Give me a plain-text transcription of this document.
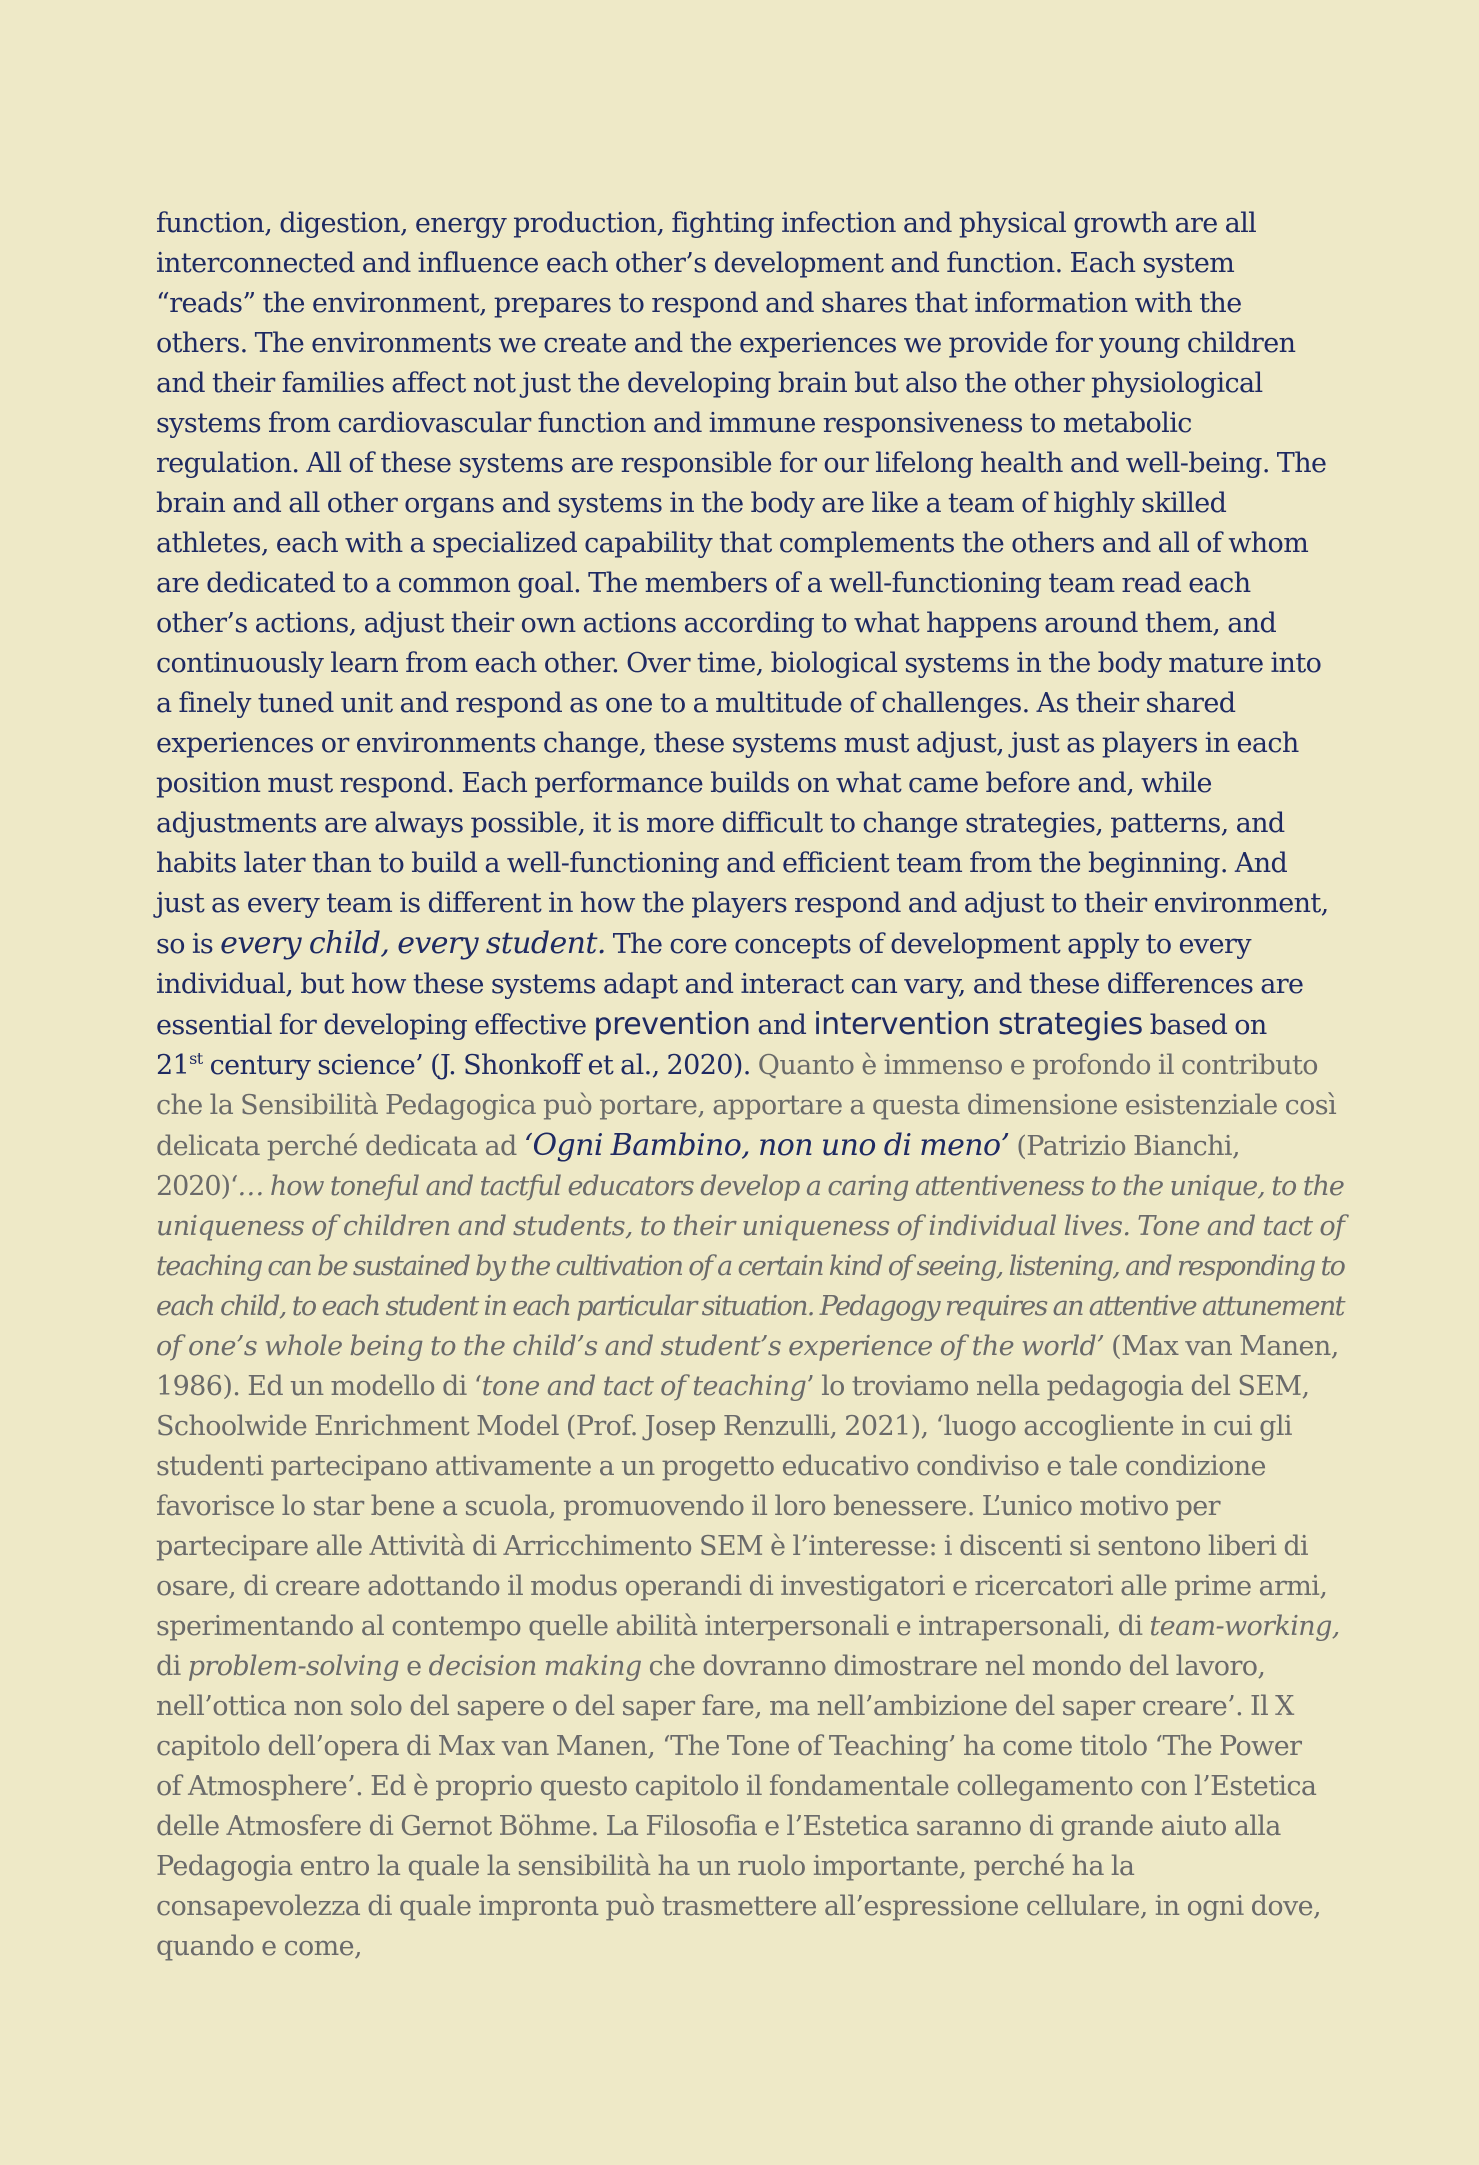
function, digestion, energy production, fighting infection and physical growth are all
interconnected and influence each other’s development and function. Each system
“reads” the environment, prepares to respond and shares that information with the
others. The environments we create and the experiences we provide for young children
and their families affect not just the developing brain but also the other physiological
systems from cardiovascular function and immune responsiveness to metabolic
regulation. All of these systems are responsible for our lifelong health and well-being. The
brain and all other organs and systems in the body are like a team of highly skilled
athletes, each with a specialized capability that complements the others and all of whom
are dedicated to a common goal. The members of a well-functioning team read each
other’s actions, adjust their own actions according to what happens around them, and
continuously learn from each other. Over time, biological systems in the body mature into
a finely tuned unit and respond as one to a multitude of challenges. As their shared
experiences or environments change, these systems must adjust, just as players in each
position must respond. Each performance builds on what came before and, while
adjustments are always possible, it is more difficult to change strategies, patterns, and
habits later than to build a well-functioning and efficient team from the beginning. And
just as every team is different in how the players respond and adjust to their environment,
so is every child, every student. The core concepts of development apply to every
individual, but how these systems adapt and interact can vary, and these differences are
essential for developing effective prevention and intervention strategies based on
21st century science’ (J. Shonkoff et al., 2020). Quanto è immenso e profondo il contributo
che la Sensibilità Pedagogica può portare, apportare a questa dimensione esistenziale così
delicata perché dedicata ad ‘Ogni Bambino, non uno di meno’ (Patrizio Bianchi,
2020)‘… how toneful and tactful educators develop a caring attentiveness to the unique, to the
uniqueness of children and students, to their uniqueness of individual lives. Tone and tact of
teaching can be sustained by the cultivation of a certain kind of seeing, listening, and responding to
each child, to each student in each particular situation. Pedagogy requires an attentive attunement
of one’s whole being to the child’s and student’s experience of the world’ (Max van Manen,
1986). Ed un modello di ‘tone and tact of teaching’ lo troviamo nella pedagogia del SEM,
Schoolwide Enrichment Model (Prof. Josep Renzulli, 2021), ‘luogo accogliente in cui gli
studenti partecipano attivamente a un progetto educativo condiviso e tale condizione
favorisce lo star bene a scuola, promuovendo il loro benessere. L’unico motivo per
partecipare alle Attività di Arricchimento SEM è l’interesse: i discenti si sentono liberi di
osare, di creare adottando il modus operandi di investigatori e ricercatori alle prime armi,
sperimentando al contempo quelle abilità interpersonali e intrapersonali, di team-working,
di problem-solving e decision making che dovranno dimostrare nel mondo del lavoro,
nell’ottica non solo del sapere o del saper fare, ma nell’ambizione del saper creare’. Il X
capitolo dell’opera di Max van Manen, ‘The Tone of Teaching’ ha come titolo ‘The Power
of Atmosphere’. Ed è proprio questo capitolo il fondamentale collegamento con l’Estetica
delle Atmosfere di Gernot Böhme. La Filosofia e l’Estetica saranno di grande aiuto alla
Pedagogia entro la quale la sensibilità ha un ruolo importante, perché ha la
consapevolezza di quale impronta può trasmettere all’espressione cellulare, in ogni dove,
quando e come,
